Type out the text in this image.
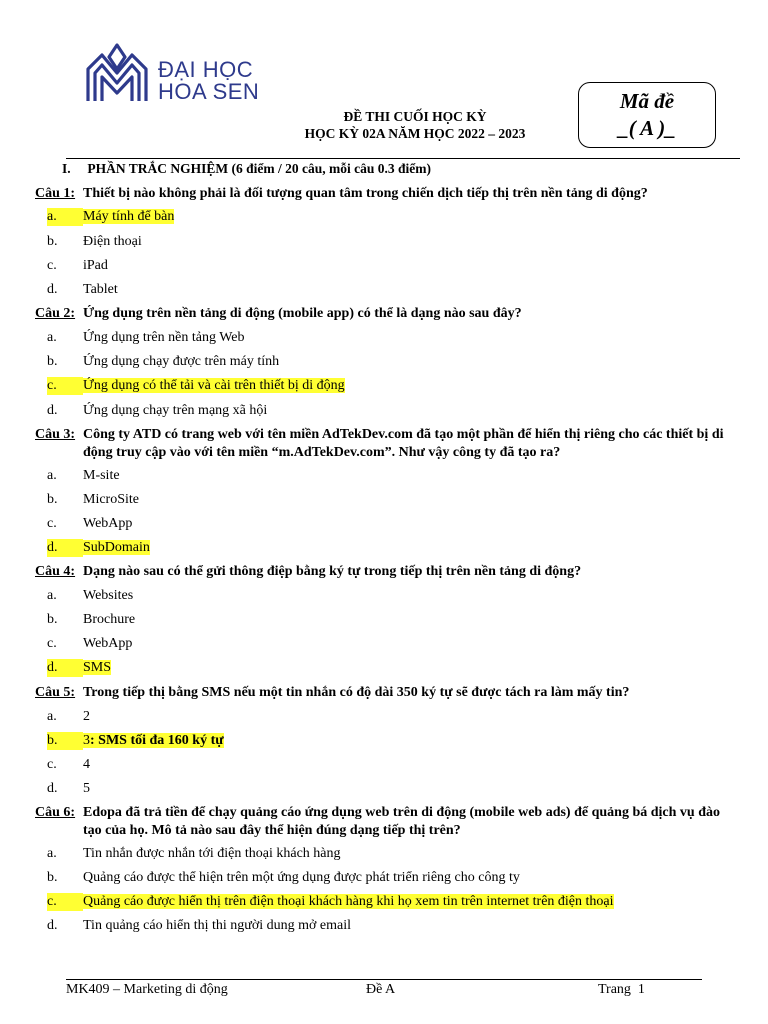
ĐẠI HỌC
HOA SEN
ĐỀ THI CUỐI HỌC KỲ
HỌC KỲ 02A NĂM HỌC 2022 – 2023
Mã đề
_( A )_
I. PHẦN TRẮC NGHIỆM (6 điểm / 20 câu, mỗi câu 0.3 điểm)
Câu 1: Thiết bị nào không phải là đối tượng quan tâm trong chiến dịch tiếp thị trên nền tảng di động?
a. Máy tính để bàn
b. Điện thoại
c. iPad
d. Tablet
Câu 2: Ứng dụng trên nền tảng di động (mobile app) có thể là dạng nào sau đây?
a. Ứng dụng trên nền tảng Web
b. Ứng dụng chạy được trên máy tính
c. Ứng dụng có thể tải và cài trên thiết bị di động
d. Ứng dụng chạy trên mạng xã hội
Câu 3: Công ty ATD có trang web với tên miền AdTekDev.com đã tạo một phần để hiển thị riêng cho các thiết bị di động truy cập vào với tên miền “m.AdTekDev.com”. Như vậy công ty đã tạo ra?
a. M-site
b. MicroSite
c. WebApp
d. SubDomain
Câu 4: Dạng nào sau có thể gửi thông điệp bằng ký tự trong tiếp thị trên nền tảng di động?
a. Websites
b. Brochure
c. WebApp
d. SMS
Câu 5: Trong tiếp thị bằng SMS nếu một tin nhắn có độ dài 350 ký tự sẽ được tách ra làm mấy tin?
a. 2
b. 3: SMS tối đa 160 ký tự
c. 4
d. 5
Câu 6: Edopa đã trả tiền để chạy quảng cáo ứng dụng web trên di động (mobile web ads) để quảng bá dịch vụ đào tạo của họ. Mô tả nào sau đây thể hiện đúng dạng tiếp thị trên?
a. Tin nhắn được nhắn tới điện thoại khách hàng
b. Quảng cáo được thể hiện trên một ứng dụng được phát triển riêng cho công ty
c. Quảng cáo được hiển thị trên điện thoại khách hàng khi họ xem tin trên internet trên điện thoại
d. Tin quảng cáo hiển thị thi người dung mở email
MK409 – Marketing di động	Đề A	Trang  1
